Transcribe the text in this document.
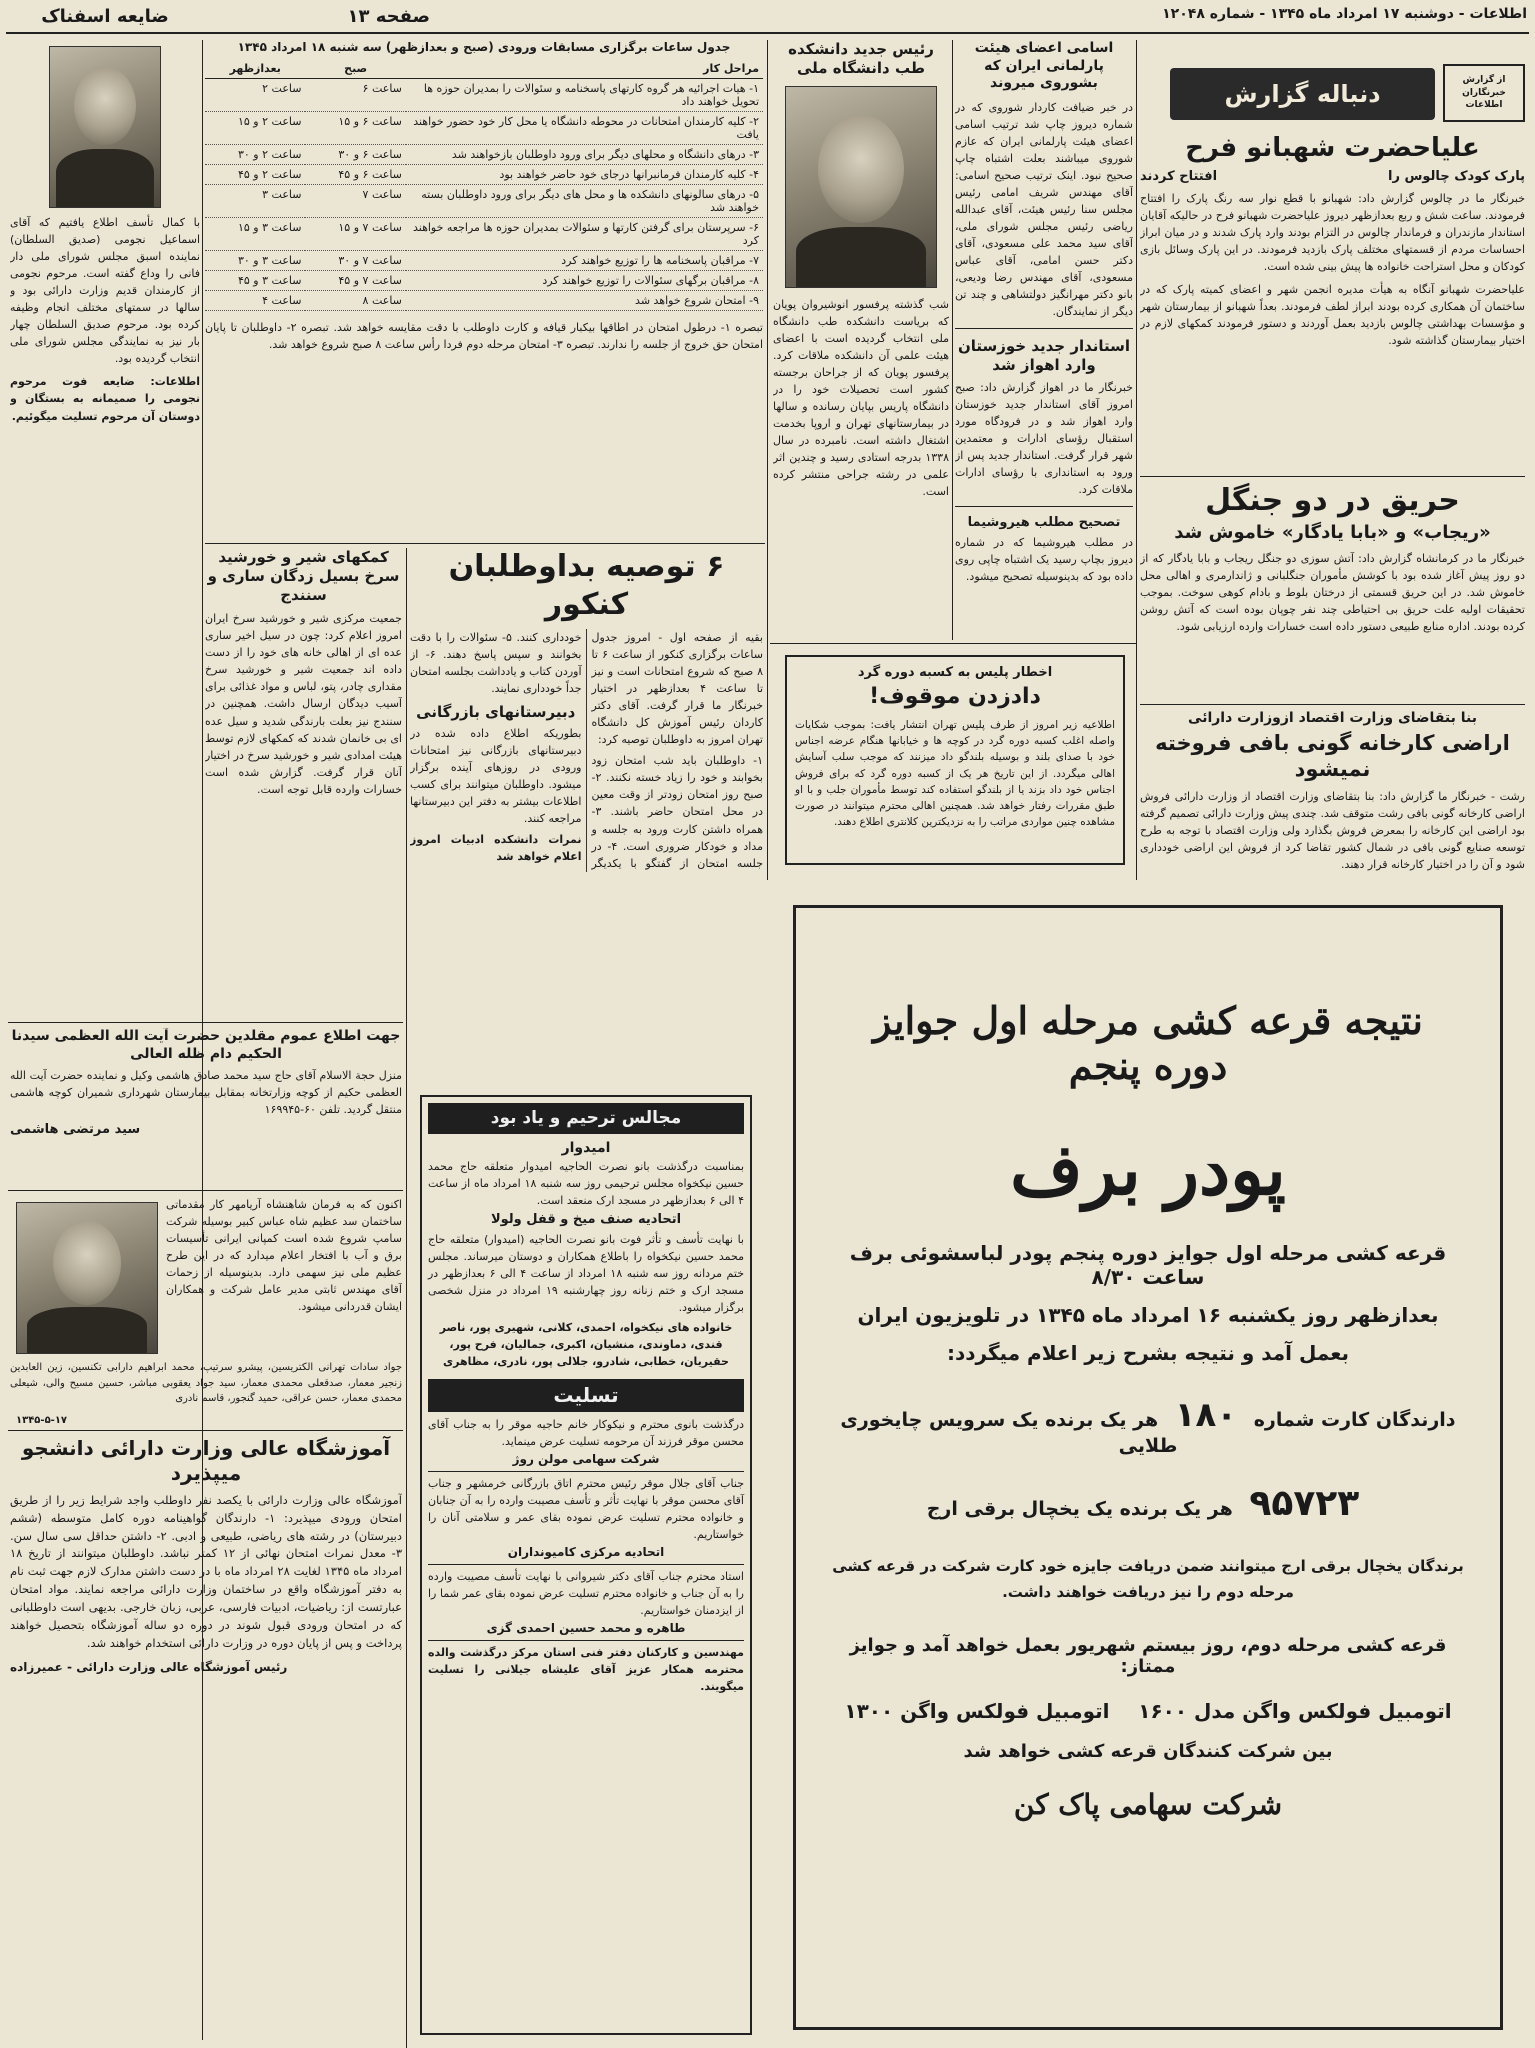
اطلاعات - دوشنبه ۱۷ امرداد ماه ۱۳۴۵ - شماره ۱۲۰۴۸
صفحه ۱۳
ضایعه اسفناک
دنباله گزارش	از گزارش خبرنگاران اطلاعات
علیاحضرت شهبانو فرح
پارک کودک چالوس را
افتتاح کردند
خبرنگار ما در چالوس گزارش داد: شهبانو با قطع نوار سه رنگ پارک را افتتاح فرمودند. ساعت شش و ربع بعدازظهر دیروز علیاحضرت شهبانو فرح در حالیکه آقایان استاندار مازندران و فرماندار چالوس در التزام بودند وارد پارک شدند و در میان ابراز احساسات مردم از قسمتهای مختلف پارک بازدید فرمودند. در این پارک وسائل بازی کودکان و محل استراحت خانواده ها پیش بینی شده است.
علیاحضرت شهبانو آنگاه به هیأت مدیره انجمن شهر و اعضای کمیته پارک که در ساختمان آن همکاری کرده بودند ابراز لطف فرمودند. بعداً شهبانو از بیمارستان شهر و مؤسسات بهداشتی چالوس بازدید بعمل آوردند و دستور فرمودند کمکهای لازم در اختیار بیمارستان گذاشته شود.
حریق در دو جنگل
«ریجاب» و «بابا یادگار» خاموش شد
خبرنگار ما در کرمانشاه گزارش داد: آتش سوزی دو جنگل ریجاب و بابا یادگار که از دو روز پیش آغاز شده بود با کوشش مأموران جنگلبانی و ژاندارمری و اهالی محل خاموش شد. در این حریق قسمتی از درختان بلوط و بادام کوهی سوخت. بموجب تحقیقات اولیه علت حریق بی احتیاطی چند نفر چوپان بوده است که آتش روشن کرده بودند. اداره منابع طبیعی دستور داده است خسارات وارده ارزیابی شود.
بنا بتقاضای وزارت اقتصاد ازوزارت دارائی
اراضی کارخانه گونی بافی فروخته نمیشود
رشت - خبرنگار ما گزارش داد: بنا بتقاضای وزارت اقتصاد از وزارت دارائی فروش اراضی کارخانه گونی بافی رشت متوقف شد. چندی پیش وزارت دارائی تصمیم گرفته بود اراضی این کارخانه را بمعرض فروش بگذارد ولی وزارت اقتصاد با توجه به طرح توسعه صنایع گونی بافی در شمال کشور تقاضا کرد از فروش این اراضی خودداری شود و آن را در اختیار کارخانه قرار دهند.
اسامی اعضای هیئت پارلمانی ایران که بشوروی میروند
در خبر ضیافت کاردار شوروی که در شماره دیروز چاپ شد ترتیب اسامی اعضای هیئت پارلمانی ایران که عازم شوروی میباشند بعلت اشتباه چاپ صحیح نبود. اینک ترتیب صحیح اسامی: آقای مهندس شریف امامی رئیس مجلس سنا رئیس هیئت، آقای عبدالله ریاضی رئیس مجلس شورای ملی، آقای سید محمد علی مسعودی، آقای دکتر حسن امامی، آقای عباس مسعودی، آقای مهندس رضا ودیعی، بانو دکتر مهرانگیز دولتشاهی و چند تن دیگر از نمایندگان.
استاندار جدید خوزستان وارد اهواز شد
خبرنگار ما در اهواز گزارش داد: صبح امروز آقای استاندار جدید خوزستان وارد اهواز شد و در فرودگاه مورد استقبال رؤسای ادارات و معتمدین شهر قرار گرفت. استاندار جدید پس از ورود به استانداری با رؤسای ادارات ملاقات کرد.
تصحیح مطلب هیروشیما
در مطلب هیروشیما که در شماره دیروز بچاپ رسید یک اشتباه چاپی روی داده بود که بدینوسیله تصحیح میشود.
رئیس جدید دانشکده طب دانشگاه ملی
شب گذشته پرفسور انوشیروان پویان که بریاست دانشکده طب دانشگاه ملی انتخاب گردیده است با اعضای هیئت علمی آن دانشکده ملاقات کرد. پرفسور پویان که از جراحان برجسته کشور است تحصیلات خود را در دانشگاه پاریس بپایان رسانده و سالها در بیمارستانهای تهران و اروپا بخدمت اشتغال داشته است. نامبرده در سال ۱۳۳۸ بدرجه استادی رسید و چندین اثر علمی در رشته جراحی منتشر کرده است.
اخطار پلیس به کسبه دوره گرد
دادزدن موقوف!
اطلاعیه زیر امروز از طرف پلیس تهران انتشار یافت: بموجب شکایات واصله اغلب کسبه دوره گرد در کوچه ها و خیابانها هنگام عرضه اجناس خود با صدای بلند و بوسیله بلندگو داد میزنند که موجب سلب آسایش اهالی میگردد. از این تاریخ هر یک از کسبه دوره گرد که برای فروش اجناس خود داد بزند یا از بلندگو استفاده کند توسط مأموران جلب و با او طبق مقررات رفتار خواهد شد. همچنین اهالی محترم میتوانند در صورت مشاهده چنین مواردی مراتب را به نزدیکترین کلانتری اطلاع دهند.
جدول ساعات برگزاری مسابقات ورودی (صبح و بعدازظهر) سه شنبه ۱۸ امرداد ۱۳۴۵
مراحل کار	صبح	بعدازظهر
۱- هیات اجرائیه هر گروه کارتهای پاسخنامه و سئوالات را بمدیران حوزه ها تحویل خواهند داد	ساعت ۶	ساعت ۲
۲- کلیه کارمندان امتحانات در محوطه دانشگاه یا محل کار خود حضور خواهند یافت	ساعت ۶ و ۱۵	ساعت ۲ و ۱۵
۳- درهای دانشگاه و محلهای دیگر برای ورود داوطلبان بازخواهند شد	ساعت ۶ و ۳۰	ساعت ۲ و ۳۰
۴- کلیه کارمندان فرمانبرانها درجای خود حاضر خواهند بود	ساعت ۶ و ۴۵	ساعت ۲ و ۴۵
۵- درهای سالونهای دانشکده ها و محل های دیگر برای ورود داوطلبان بسته خواهند شد	ساعت ۷	ساعت ۳
۶- سرپرستان برای گرفتن کارتها و سئوالات بمدیران حوزه ها مراجعه خواهند کرد	ساعت ۷ و ۱۵	ساعت ۳ و ۱۵
۷- مراقبان پاسخنامه ها را توزیع خواهند کرد	ساعت ۷ و ۳۰	ساعت ۳ و ۳۰
۸- مراقبان برگهای سئوالات را توزیع خواهند کرد	ساعت ۷ و ۴۵	ساعت ۳ و ۴۵
۹- امتحان شروع خواهد شد	ساعت ۸	ساعت ۴
تبصره ۱- درطول امتحان در اطاقها بیکبار قیافه و کارت داوطلب با دقت مقایسه خواهد شد. تبصره ۲- داوطلبان تا پایان امتحان حق خروج از جلسه را ندارند. تبصره ۳- امتحان مرحله دوم فردا رأس ساعت ۸ صبح شروع خواهد شد.
۶ توصیه بداوطلبان کنکور
بقیه از صفحه اول - امروز جدول ساعات برگزاری کنکور از ساعت ۶ تا ۸ صبح که شروع امتحانات است و نیز تا ساعت ۴ بعدازظهر در اختیار خبرنگار ما قرار گرفت. آقای دکتر کاردان رئیس آموزش کل دانشگاه تهران امروز به داوطلبان توصیه کرد:
۱- داوطلبان باید شب امتحان زود بخوابند و خود را زیاد خسته نکنند. ۲- صبح روز امتحان زودتر از وقت معین در محل امتحان حاضر باشند. ۳- همراه داشتن کارت ورود به جلسه و مداد و خودکار ضروری است. ۴- در جلسه امتحان از گفتگو با یکدیگر خودداری کنند. ۵- سئوالات را با دقت بخوانند و سپس پاسخ دهند. ۶- از آوردن کتاب و یادداشت بجلسه امتحان جداً خودداری نمایند.
دبیرستانهای بازرگانی
بطوریکه اطلاع داده شده در دبیرستانهای بازرگانی نیز امتحانات ورودی در روزهای آینده برگزار میشود. داوطلبان میتوانند برای کسب اطلاعات بیشتر به دفتر این دبیرستانها مراجعه کنند.
نمرات دانشکده ادبیات امروز اعلام خواهد شد
کمکهای شیر و خورشید سرخ بسیل زدگان ساری و سنندج
جمعیت مرکزی شیر و خورشید سرخ ایران امروز اعلام کرد: چون در سیل اخیر ساری عده ای از اهالی خانه های خود را از دست داده اند جمعیت شیر و خورشید سرخ مقداری چادر، پتو، لباس و مواد غذائی برای آسیب دیدگان ارسال داشت. همچنین در سنندج نیز بعلت بارندگی شدید و سیل عده ای بی خانمان شدند که کمکهای لازم توسط هیئت امدادی شیر و خورشید سرخ در اختیار آنان قرار گرفت. گزارش شده است خسارات وارده قابل توجه است.
با کمال تأسف اطلاع یافتیم که آقای اسماعیل نجومی (صدیق السلطان) نماینده اسبق مجلس شورای ملی دار فانی را وداع گفته است. مرحوم نجومی از کارمندان قدیم وزارت دارائی بود و سالها در سمتهای مختلف انجام وظیفه کرده بود. مرحوم صدیق السلطان چهار بار نیز به نمایندگی مجلس شورای ملی انتخاب گردیده بود.
اطلاعات: ضایعه فوت مرحوم نجومی را صمیمانه به بستگان و دوستان آن مرحوم تسلیت میگوئیم.
جهت اطلاع عموم مقلدین حضرت آیت الله العظمی سیدنا الحکیم دام ظله العالی
منزل حجة الاسلام آقای حاج سید محمد صادق هاشمی وکیل و نماینده حضرت آیت الله العظمی حکیم از کوچه وزارتخانه بمقابل بیمارستان شهرداری شمیران کوچه هاشمی منتقل گردید. تلفن ۶۰-۱۶۹۹۴۵
سید مرتضی هاشمی
اکنون که به فرمان شاهنشاه آریامهر کار مقدماتی ساختمان سد عظیم شاه عباس کبیر بوسیله شرکت سامپ شروع شده است کمپانی ایرانی تأسیسات برق و آب با افتخار اعلام میدارد که در این طرح عظیم ملی نیز سهمی دارد. بدینوسیله از زحمات آقای مهندس ثابتی مدیر عامل شرکت و همکاران ایشان قدردانی میشود.
جواد سادات تهرانی الکتریسین، پیشرو سرتیپ، محمد ابراهیم دارابی تکنسین، زین العابدین زنجیر معمار، صدقعلی محمدی معمار، سید جواد یعقوبی مباشر، حسین مسیح والی، شیعلی محمدی معمار، حسن عراقی، حمید گنجور، قاسم نادری
۱۳۴۵-۵-۱۷
آموزشگاه عالی وزارت دارائی دانشجو میپذیرد
آموزشگاه عالی وزارت دارائی با یکصد نفر داوطلب واجد شرایط زیر را از طریق امتحان ورودی میپذیرد: ۱- دارندگان گواهینامه دوره کامل متوسطه (ششم دبیرستان) در رشته های ریاضی، طبیعی و ادبی. ۲- داشتن حداقل سی سال سن. ۳- معدل نمرات امتحان نهائی از ۱۲ کمتر نباشد. داوطلبان میتوانند از تاریخ ۱۸ امرداد ماه ۱۳۴۵ لغایت ۲۸ امرداد ماه با در دست داشتن مدارک لازم جهت ثبت نام به دفتر آموزشگاه واقع در ساختمان وزارت دارائی مراجعه نمایند. مواد امتحان عبارتست از: ریاضیات، ادبیات فارسی، عربی، زبان خارجی. بدیهی است داوطلبانی که در امتحان ورودی قبول شوند در دوره دو ساله آموزشگاه بتحصیل خواهند پرداخت و پس از پایان دوره در وزارت دارائی استخدام خواهند شد.
رئیس آموزشگاه عالی وزارت دارائی - عمیرزاده
مجالس ترحیم و یاد بود
امیدوار
بمناسبت درگذشت بانو نصرت الحاجیه امیدوار متعلقه حاج محمد حسین نیکخواه مجلس ترحیمی روز سه شنبه ۱۸ امرداد ماه از ساعت ۴ الی ۶ بعدازظهر در مسجد ارک منعقد است.
اتحادیه صنف میخ و قفل ولولا
با نهایت تأسف و تأثر فوت بانو نصرت الحاجیه (امیدوار) متعلقه حاج محمد حسین نیکخواه را باطلاع همکاران و دوستان میرساند. مجلس ختم مردانه روز سه شنبه ۱۸ امرداد از ساعت ۴ الی ۶ بعدازظهر در مسجد ارک و ختم زنانه روز چهارشنبه ۱۹ امرداد در منزل شخصی برگزار میشود.
خانواده های نیکخواه، احمدی، کلانی، شهیری پور، ناصر قندی، دماوندی، منشیان، اکبری، جمالیان، فرح پور، حقیریان، خطابی، شادرو، جلالی پور، نادری، مظاهری
تسلیت
درگذشت بانوی محترم و نیکوکار خانم حاجیه موقر را به جناب آقای محسن موقر فرزند آن مرحومه تسلیت عرض مینماید.
شرکت سهامی مولن روژ
جناب آقای جلال موقر رئیس محترم اتاق بازرگانی خرمشهر و جناب آقای محسن موقر با نهایت تأثر و تأسف مصیبت وارده را به آن جنابان و خانواده محترم تسلیت عرض نموده بقای عمر و سلامتی آنان را خواستاریم.
اتحادیه مرکزی کامیونداران
استاد محترم جناب آقای دکتر شیروانی با نهایت تأسف مصیبت وارده را به آن جناب و خانواده محترم تسلیت عرض نموده بقای عمر شما را از ایزدمنان خواستاریم.
طاهره و محمد حسین احمدی گزی
مهندسین و کارکنان دفتر فنی استان مرکز درگذشت والده محترمه همکار عزیز آقای علیشاه جیلانی را تسلیت میگویند.
نتیجه قرعه کشی مرحله اول جوایز دوره پنجم
پودر برف
قرعه کشی مرحله اول جوایز دوره پنجم پودر لباسشوئی برف ساعت ۸/۳۰
بعدازظهر روز یکشنبه ۱۶ امرداد ماه ۱۳۴۵ در تلویزیون ایران
بعمل آمد و نتیجه بشرح زیر اعلام میگردد:
دارندگان کارت شماره ۱۸۰ هر یک برنده یک سرویس چایخوری طلایی
۹۵۷۲۳ هر یک برنده یک یخچال برقی ارج
برندگان یخچال برقی ارج میتوانند ضمن دریافت جایزه خود کارت شرکت در قرعه کشی مرحله دوم را نیز دریافت خواهند داشت.
قرعه کشی مرحله دوم، روز بیستم شهریور بعمل خواهد آمد و جوایز ممتاز:
اتومبیل فولکس واگن مدل ۱۶۰۰
اتومبیل فولکس واگن ۱۳۰۰
بین شرکت کنندگان قرعه کشی خواهد شد
شرکت سهامی پاک کن
